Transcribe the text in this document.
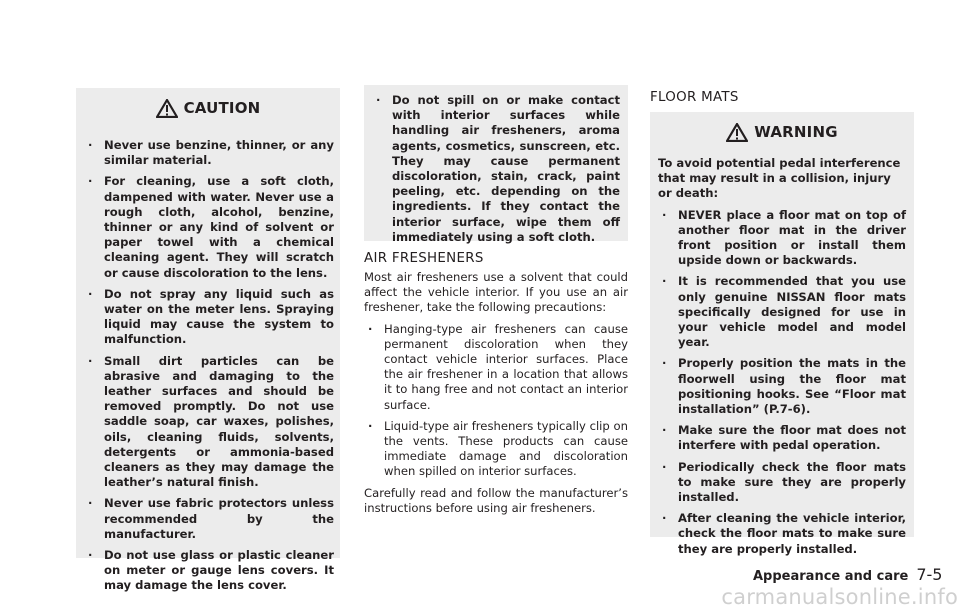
CAUTION
. Never use benzine, thinner, or any similar material.
. For cleaning, use a soft cloth, dampened with water. Never use a rough cloth, alcohol, benzine, thinner or any kind of solvent or paper towel with a chemical cleaning agent. They will scratch or cause discoloration to the lens.
. Do not spray any liquid such as water on the meter lens. Spraying liquid may cause the system to malfunction.
. Small dirt particles can be abrasive and damaging to the leather surfaces and should be removed promptly. Do not use saddle soap, car waxes, polishes, oils, cleaning fluids, solvents, detergents or ammonia-based cleaners as they may damage the leather’s natural finish.
. Never use fabric protectors unless recommended by the manufacturer.
. Do not use glass or plastic cleaner on meter or gauge lens covers. It may damage the lens cover.
. Do not spill on or make contact with interior surfaces while handling air fresheners, aroma agents, cosmetics, sunscreen, etc. They may cause permanent discoloration, stain, crack, paint peeling, etc. depending on the ingredients. If they contact the interior surface, wipe them off immediately using a soft cloth.
AIR FRESHENERS
Most air fresheners use a solvent that could affect the vehicle interior. If you use an air freshener, take the following precautions:
. Hanging-type air fresheners can cause permanent discoloration when they contact vehicle interior surfaces. Place the air freshener in a location that allows it to hang free and not contact an interior surface.
. Liquid-type air fresheners typically clip on the vents. These products can cause immediate damage and discoloration when spilled on interior surfaces.
Carefully read and follow the manufacturer’s instructions before using air fresheners.
FLOOR MATS
WARNING
To avoid potential pedal interference that may result in a collision, injury or death:
. NEVER place a floor mat on top of another floor mat in the driver front position or install them upside down or backwards.
. It is recommended that you use only genuine NISSAN floor mats specifically designed for use in your vehicle model and model year.
. Properly position the mats in the floorwell using the floor mat positioning hooks. See “Floor mat installation” (P.7-6).
. Make sure the floor mat does not interfere with pedal operation.
. Periodically check the floor mats to make sure they are properly installed.
. After cleaning the vehicle interior, check the floor mats to make sure they are properly installed.
Appearance and care 7-5
carmanualsonline.info
